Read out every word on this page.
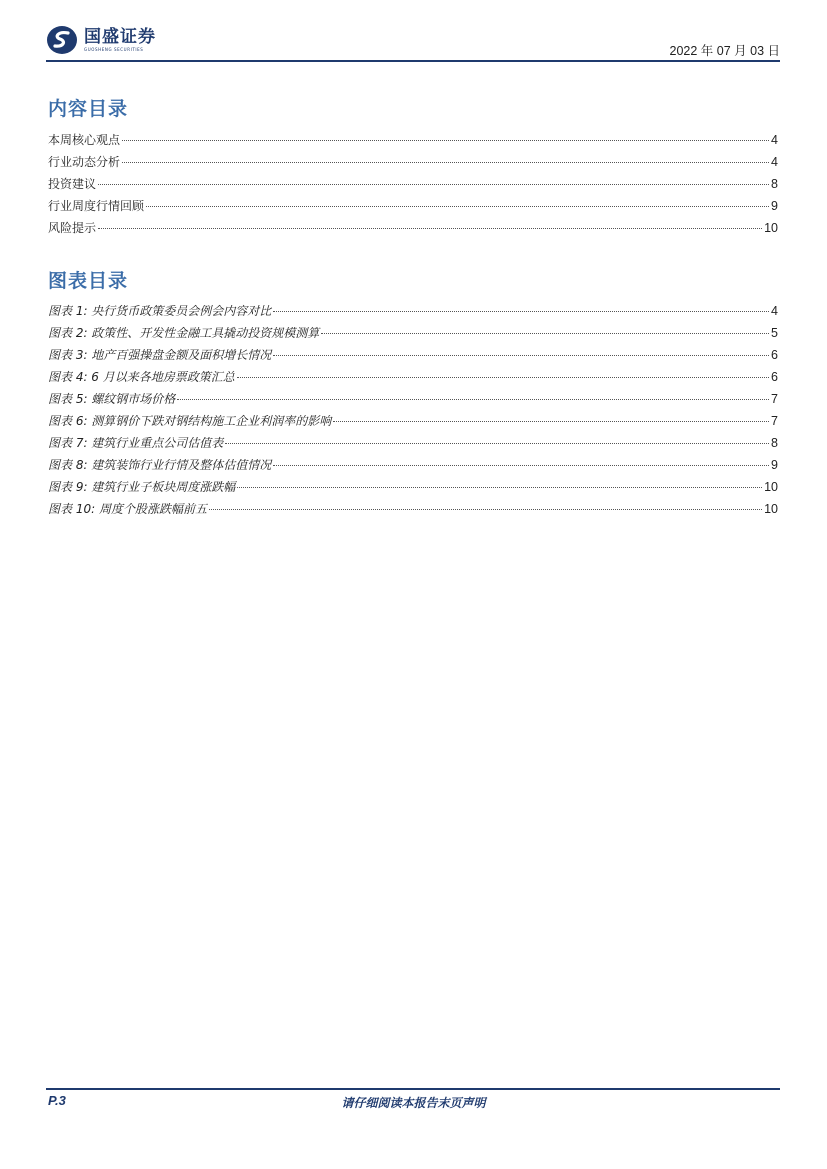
国盛证券
GUOSHENG SECURITIES	2022 年 07 月 03 日
内容目录
本周核心观点	4
行业动态分析	4
投资建议	8
行业周度行情回顾	9
风险提示	10
图表目录
图表 1: 央行货币政策委员会例会内容对比	4
图表 2: 政策性、开发性金融工具撬动投资规模测算	5
图表 3: 地产百强操盘金额及面积增长情况	6
图表 4: 6 月以来各地房票政策汇总	6
图表 5: 螺纹钢市场价格	7
图表 6: 测算钢价下跌对钢结构施工企业利润率的影响	7
图表 7: 建筑行业重点公司估值表	8
图表 8: 建筑装饰行业行情及整体估值情况	9
图表 9: 建筑行业子板块周度涨跌幅	10
图表 10: 周度个股涨跌幅前五	10
P.3	请仔细阅读本报告末页声明
